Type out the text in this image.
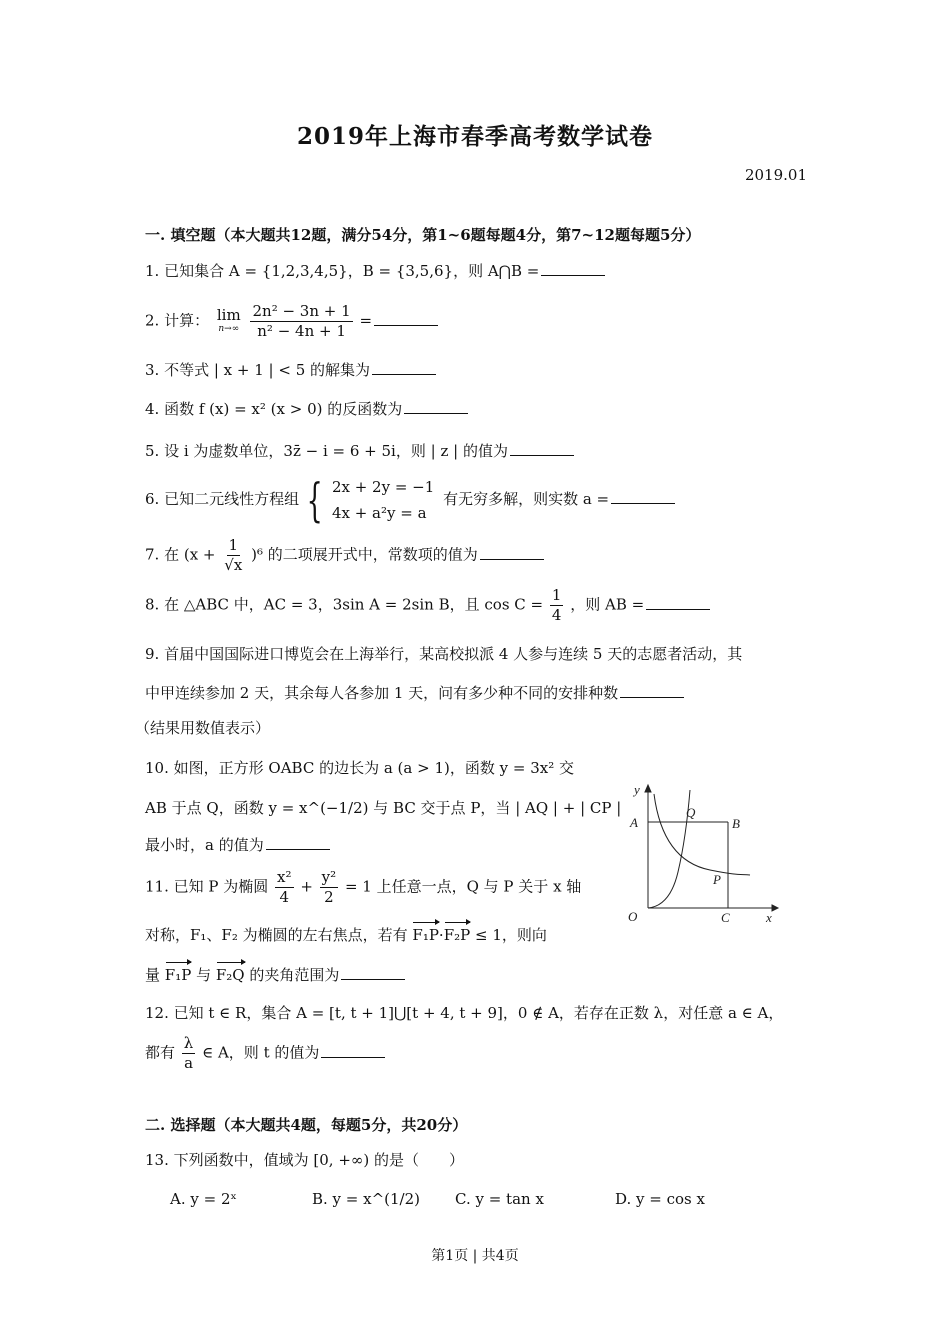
2019年上海市春季高考数学试卷
2019.01
一. 填空题（本大题共12题，满分54分，第1~6题每题4分，第7~12题每题5分）
1. 已知集合 A = {1,2,3,4,5}，B = {3,5,6}，则 A⋂B =
2. 计算： lim
n→∞
$\frac{\text{2n² − 3n + 1}}{\text{n² − 4n + 1}}$ =
3. 不等式 | x + 1 | < 5 的解集为
4. 函数 f (x) = x² (x > 0) 的反函数为
5. 设 i 为虚数单位，3z̄ − i = 6 + 5i，则 | z | 的值为
6. 已知二元线性方程组 { 2x + 2y = −1
4x + a²y = a
有无穷多解，则实数 a =
7. 在 $(x + \frac{1}{√x} )^6$ 的二项展开式中，常数项的值为
8. 在 △ABC 中，AC = 3，3sin A = 2sin B，且 $\cos C = \frac{1}{4}$ ，则 AB =
9. 首届中国国际进口博览会在上海举行，某高校拟派 4 人参与连续 5 天的志愿者活动，其
中甲连续参加 2 天，其余每人各参加 1 天，问有多少种不同的安排种数
（结果用数值表示）
10. 如图，正方形 OABC 的边长为 a (a > 1)，函数 y = 3x² 交
AB 于点 Q，函数 y = x^(−1/2) 与 BC 交于点 P，当 | AQ | + | CP |
最小时，a 的值为
y
x
O
A	B
C
Q
P
11. 已知 P 为椭圆 $\frac{\text{x²}}{4} + \frac{\text{y²}}{2} = 1$ 上任意一点，Q 与 P 关于 x 轴
对称，F₁、F₂ 为椭圆的左右焦点，若有 F₁P·F₂P ≤ 1，则向
量 F₁P 与 F₂Q 的夹角范围为
12. 已知 t ∈ R，集合 A = [t, t + 1]⋃[t + 4, t + 9]，0 ∉ A，若存在正数 λ，对任意 a ∈ A，
都有 $\frac{\lambda}{a}$ ∈ A，则 t 的值为
二. 选择题（本大题共4题，每题5分，共20分）
13. 下列函数中，值域为 [0, +∞) 的是（　　）
A. y = 2ˣ	B. y = x^(1/2) C. y = tan x	D. y = cos x
第1页 | 共4页
